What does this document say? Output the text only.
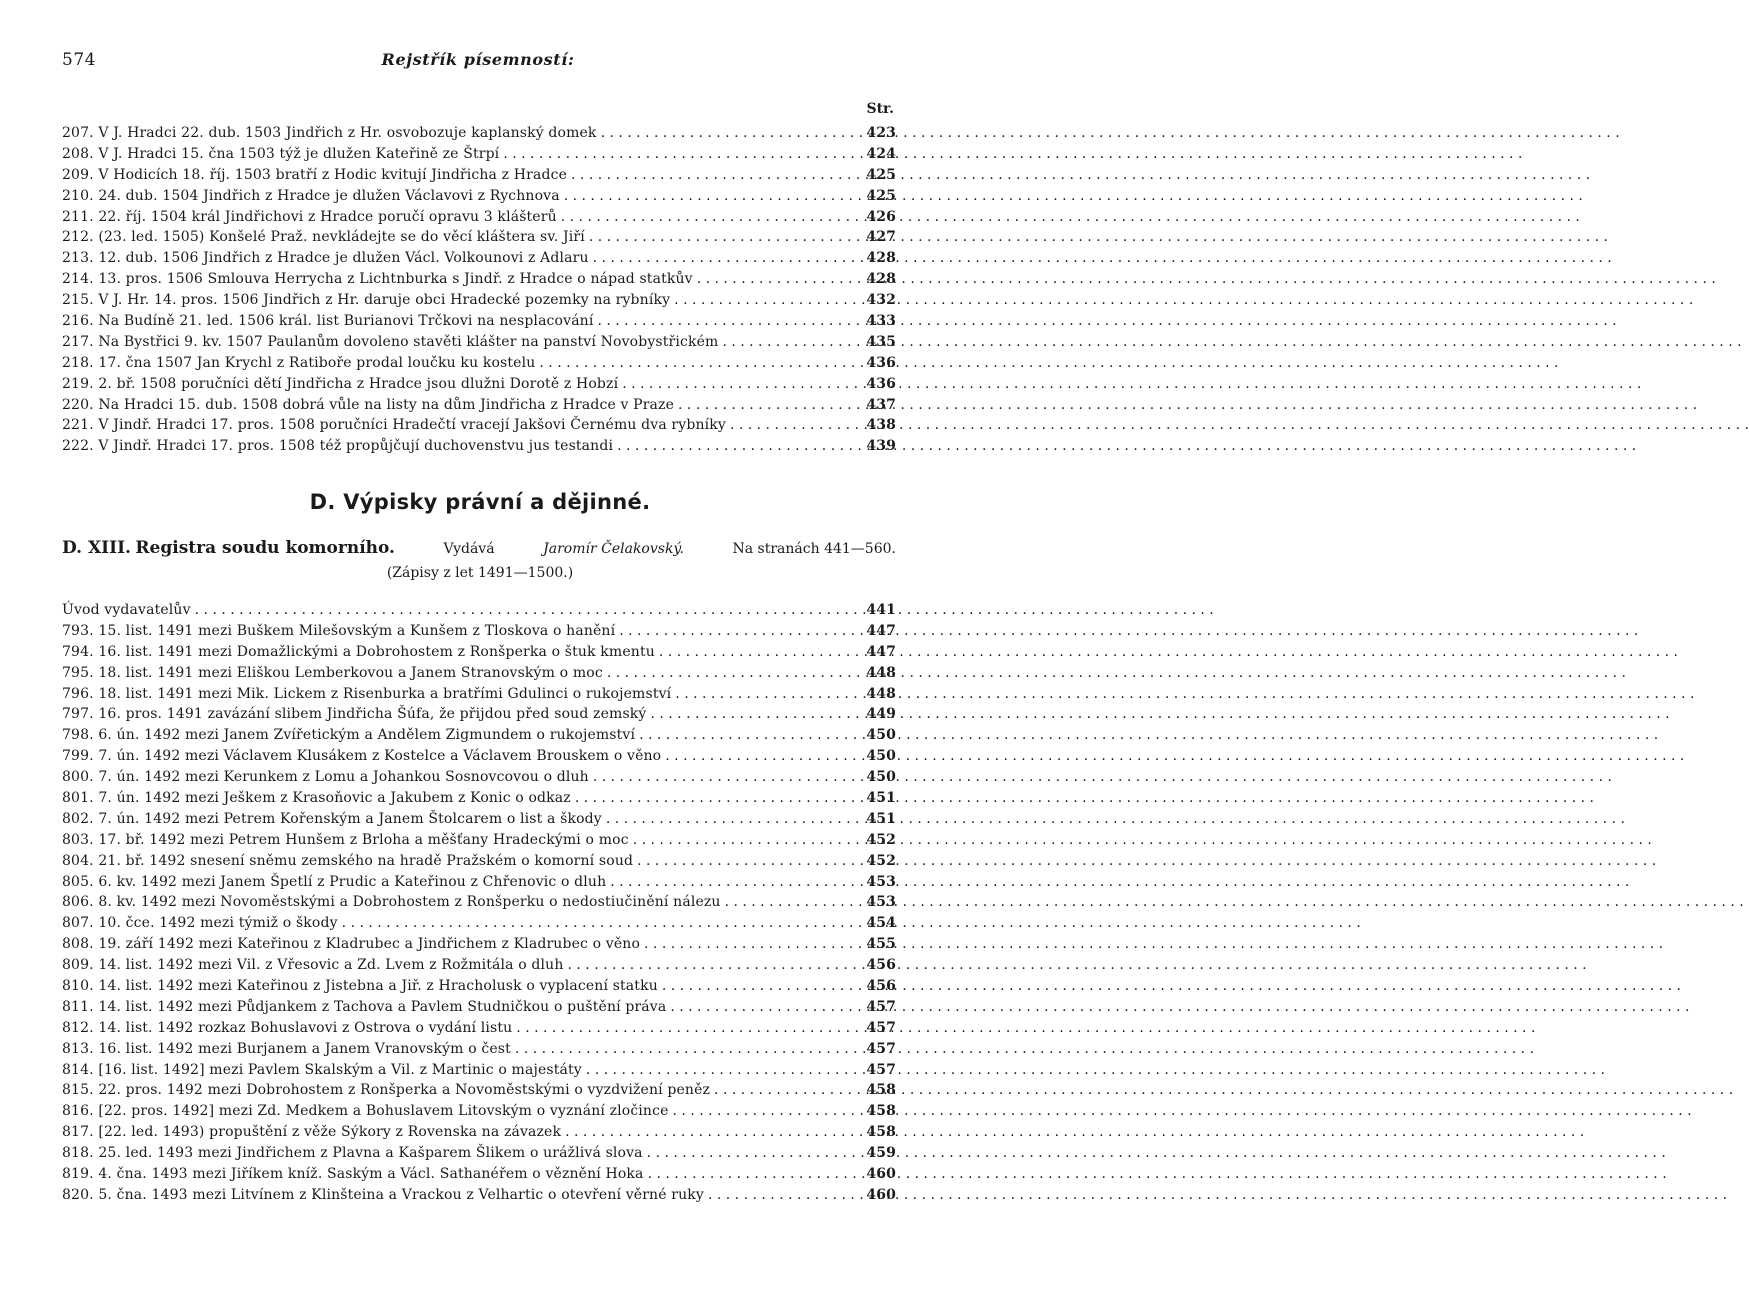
574	Rejstřík písemností:
Str.
207. V J. Hradci 22. dub. 1503 Jindřich z Hr. osvobozuje kaplanský domek . . .	423
208. V J. Hradci 15. čna 1503 týž je dlužen Kateřině ze Štrpí . . .	424
209. V Hodicích 18. říj. 1503 bratří z Hodic kvitují Jindřicha z Hradce . . .	425
210. 24. dub. 1504 Jindřich z Hradce je dlužen Václavovi z Rychnova . . .	425
211. 22. říj. 1504 král Jindřichovi z Hradce poručí opravu 3 klášterů . . .	426
212. (23. led. 1505) Konšelé Praž. nevkládejte se do věcí kláštera sv. Jiří . . .	427
213. 12. dub. 1506 Jindřich z Hradce je dlužen Václ. Volkounovi z Adlaru . . .	428
214. 13. pros. 1506 Smlouva Herrycha z Lichtnburka s Jindř. z Hradce o nápad statkův . . .	428
215. V J. Hr. 14. pros. 1506 Jindřich z Hr. daruje obci Hradecké pozemky na rybníky . . .	432
216. Na Budíně 21. led. 1506 král. list Burianovi Trčkovi na nesplacování . . .	433
217. Na Bystřici 9. kv. 1507 Paulanům dovoleno stavěti klášter na panství Novobystřickém . . .	435
218. 17. čna 1507 Jan Krychl z Ratiboře prodal loučku ku kostelu . . .	436
219. 2. bř. 1508 poručníci dětí Jindřicha z Hradce jsou dlužni Dorotě z Hobzí . . .	436
220. Na Hradci 15. dub. 1508 dobrá vůle na listy na dům Jindřicha z Hradce v Praze . . .	437
221. V Jindř. Hradci 17. pros. 1508 poručníci Hradečtí vracejí Jakšovi Černému dva rybníky . . .	438
222. V Jindř. Hradci 17. pros. 1508 též propůjčují duchovenstvu jus testandi . . .	439
D. Výpisky právní a dějinné.
D. XIII. Registra soudu komorního.	Vydává	Jaromír Čelakovský.	Na stranách 441—560.
(Zápisy z let 1491—1500.)
Úvod vydavatelův . . .	441
793. 15. list. 1491 mezi Buškem Milešovským a Kunšem z Tloskova o hanění . . .	447
794. 16. list. 1491 mezi Domažlickými a Dobrohostem z Ronšperka o štuk kmentu . . .	447
795. 18. list. 1491 mezi Eliškou Lemberkovou a Janem Stranovským o moc . . .	448
796. 18. list. 1491 mezi Mik. Lickem z Risenburka a bratřími Gdulinci o rukojemství . . .	448
797. 16. pros. 1491 zavázání slibem Jindřicha Šúfa, že přijdou před soud zemský . . .	449
798. 6. ún. 1492 mezi Janem Zvířetickým a Andělem Zigmundem o rukojemství . . .	450
799. 7. ún. 1492 mezi Václavem Klusákem z Kostelce a Václavem Brouskem o věno . . .	450
800. 7. ún. 1492 mezi Kerunkem z Lomu a Johankou Sosnovcovou o dluh . . .	450
801. 7. ún. 1492 mezi Ješkem z Krasoňovic a Jakubem z Konic o odkaz . . .	451
802. 7. ún. 1492 mezi Petrem Kořenským a Janem Štolcarem o list a škody . . .	451
803. 17. bř. 1492 mezi Petrem Hunšem z Brloha a měšťany Hradeckými o moc . . .	452
804. 21. bř. 1492 snesení sněmu zemského na hradě Pražském o komorní soud . . .	452
805. 6. kv. 1492 mezi Janem Špetlí z Prudic a Kateřinou z Chřenovic o dluh . . .	453
806. 8. kv. 1492 mezi Novoměstskými a Dobrohostem z Ronšperku o nedostiučinění nálezu . . .	453
807. 10. čce. 1492 mezi týmiž o škody . . .	454
808. 19. září 1492 mezi Kateřinou z Kladrubec a Jindřichem z Kladrubec o věno . . .	455
809. 14. list. 1492 mezi Vil. z Vřesovic a Zd. Lvem z Rožmitála o dluh . . .	456
810. 14. list. 1492 mezi Kateřinou z Jistebna a Jiř. z Hracholusk o vyplacení statku . . .	456
811. 14. list. 1492 mezi Půdjankem z Tachova a Pavlem Studničkou o puštění práva . . .	457
812. 14. list. 1492 rozkaz Bohuslavovi z Ostrova o vydání listu . . .	457
813. 16. list. 1492 mezi Burjanem a Janem Vranovským o čest . . .	457
814. [16. list. 1492] mezi Pavlem Skalským a Vil. z Martinic o majestáty . . .	457
815. 22. pros. 1492 mezi Dobrohostem z Ronšperka a Novoměstskými o vyzdvižení peněz . . .	458
816. [22. pros. 1492] mezi Zd. Medkem a Bohuslavem Litovským o vyznání zločince . . .	458
817. [22. led. 1493) propuštění z věže Sýkory z Rovenska na závazek . . .	458
818. 25. led. 1493 mezi Jindřichem z Plavna a Kašparem Šlikem o urážlivá slova . . .	459
819. 4. čna. 1493 mezi Jiříkem kníž. Saským a Václ. Sathanéřem o věznění Hoka . . .	460
820. 5. čna. 1493 mezi Litvínem z Klinšteina a Vrackou z Velhartic o otevření věrné ruky . . .	460
